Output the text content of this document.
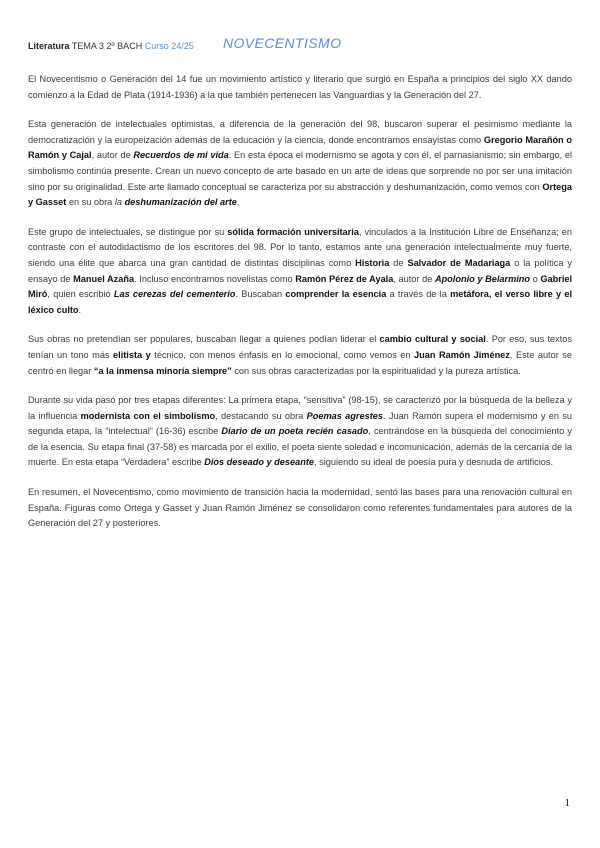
Literatura TEMA 3 2º BACH Curso 24/25 NOVECENTISMO

El Novecentismo o Generación del 14 fue un movimiento artístico y literario que surgió en España a principios del siglo XX dando comienzo a la Edad de Plata (1914-1936) a la que también pertenecen las Vanguardias y la Generación del 27.

Esta generación de intelectuales optimistas, a diferencia de la generación del 98, buscaron superar el pesimismo mediante la democratización y la europeización además de la educación y la ciencia, donde encontramos ensayistas como Gregorio Marañón o Ramón y Cajal, autor de Recuerdos de mi vida. En esta época el modernismo se agota y con él, el parnasianismo; sin embargo, el simbolismo continúa presente. Crean un nuevo concepto de arte basado en un arte de ideas que sorprende no por ser una imitación sino por su originalidad. Este arte llamado conceptual se caracteriza por su abstracción y deshumanización, como vemos con Ortega y Gasset en su obra la deshumanización del arte.

Este grupo de intelectuales, se distingue por su sólida formación universitaria, vinculados a la Institución Libre de Enseñanza; en contraste con el autodidactismo de los escritores del 98. Por lo tanto, estamos ante una generación intelectualmente muy fuerte, siendo una élite que abarca una gran cantidad de distintas disciplinas como Historia de Salvador de Madariaga o la política y ensayo de Manuel Azaña. Incluso encontramos novelistas como Ramón Pérez de Ayala, autor de Apolonio y Belarmino o Gabriel Miró, quien escribió Las cerezas del cementerio. Buscaban comprender la esencia a través de la metáfora, el verso libre y el léxico culto.

Sus obras no pretendían ser populares, buscaban llegar a quienes podían liderar el cambio cultural y social. Por eso, sus textos tenían un tono más elitista y técnico, con menos énfasis en lo emocional, como vemos en Juan Ramón Jiménez. Este autor se centró en llegar “a la inmensa minoría siempre” con sus obras caracterizadas por la espiritualidad y la pureza artística.

Durante su vida pasó por tres etapas diferentes: La primera etapa, “sensitiva” (98-15), se caracterizó por la búsqueda de la belleza y la influencia modernista con el simbolismo, destacando su obra Poemas agrestes. Juan Ramón supera el modernismo y en su segunda etapa, la “intelectual” (16-36) escribe Diario de un poeta recién casado, centrándose en la búsqueda del conocimiento y de la esencia. Su etapa final (37-58) es marcada por el exilio, el poeta siente soledad e incomunicación, además de la cercanía de la muerte. En esta etapa “Verdadera” escribe Dios deseado y deseante, siguiendo su ideal de poesía pura y desnuda de artificios.

En resumen, el Novecentismo, como movimiento de transición hacia la modernidad, sentó las bases para una renovación cultural en España. Figuras como Ortega y Gasset y Juan Ramón Jiménez se consolidaron como referentes fundamentales para autores de la Generación del 27 y posteriores.

1
